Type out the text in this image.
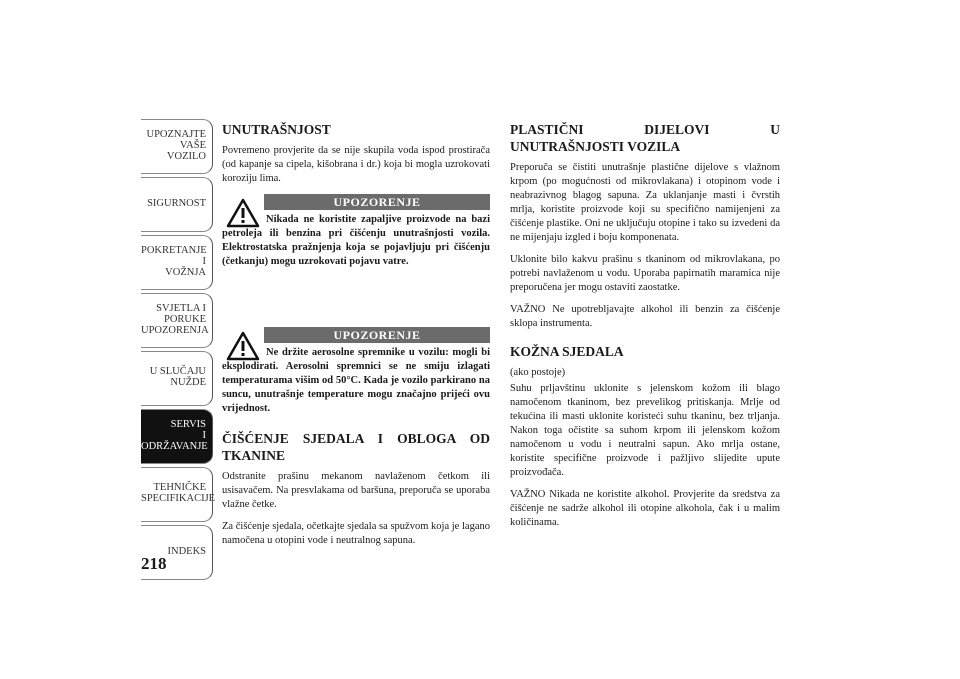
UPOZNAJTE
VAŠE
VOZILO
SIGURNOST
POKRETANJE
I
VOŽNJA
SVJETLA I
PORUKE
UPOZORENJA
U SLUČAJU
NUŽDE
SERVIS
I
ODRŽAVANJE
TEHNIČKE
SPECIFIKACIJE
INDEKS
218
UNUTRAŠNJOST

Povremeno provjerite da se nije skupila voda ispod prostirača (od kapanje sa cipela, kišobrana i dr.) koja bi mogla uzrokovati koroziju lima.

UPOZORENJE
Nikada ne koristite zapaljive proizvode na bazi petroleja ili benzina pri čišćenju unutrašnjosti vozila. Elektrostatska pražnjenja koja se pojavljuju pri čišćenju (četkanju) mogu uzrokovati pojavu vatre.
UPOZORENJE
Ne držite aerosolne spremnike u vozilu: mogli bi eksplodirati. Aerosolni spremnici se ne smiju izlagati temperaturama višim od 50°C. Kada je vozilo parkirano na suncu, unutrašnje temperature mogu značajno prijeći ovu vrijednost.
ČIŠĆENJE SJEDALA I OBLOGA OD TKANINE

Odstranite prašinu mekanom navlaženom četkom ili usisavačem. Na presvlakama od baršuna, preporuča se uporaba vlažne četke.

Za čišćenje sjedala, očetkajte sjedala sa spužvom koja je lagano namočena u otopini vode i neutralnog sapuna.

PLASTIČNI DIJELOVI U UNUTRAŠNJOSTI VOZILA

Preporuča se čistiti unutrašnje plastične dijelove s vlažnom krpom (po mogućnosti od mikrovlakana) i otopinom vode i neabrazivnog blagog sapuna. Za uklanjanje masti i čvrstih mrlja, koristite proizvode koji su specifično namijenjeni za čišćenje plastike. Oni ne uključuju otopine i tako su izvedeni da ne mijenjaju izgled i boju komponenata.

Uklonite bilo kakvu prašinu s tkaninom od mikrovlakana, po potrebi navlaženom u vodu. Uporaba papirnatih maramica nije preporučena jer mogu ostaviti zaostatke.

VAŽNO Ne upotrebljavajte alkohol ili benzin za čišćenje sklopa instrumenta.

KOŽNA SJEDALA

(ako postoje)

Suhu prljavštinu uklonite s jelenskom kožom ili blago namočenom tkaninom, bez prevelikog pritiskanja. Mrlje od tekućina ili masti uklonite koristeći suhu tkaninu, bez trljanja. Nakon toga očistite sa suhom krpom ili jelenskom kožom namočenom u vodu i neutralni sapun. Ako mrlja ostane, koristite specifične proizvode i pažljivo slijedite upute proizvođača.

VAŽNO Nikada ne koristite alkohol. Provjerite da sredstva za čišćenje ne sadrže alkohol ili otopine alkohola, čak i u malim količinama.
